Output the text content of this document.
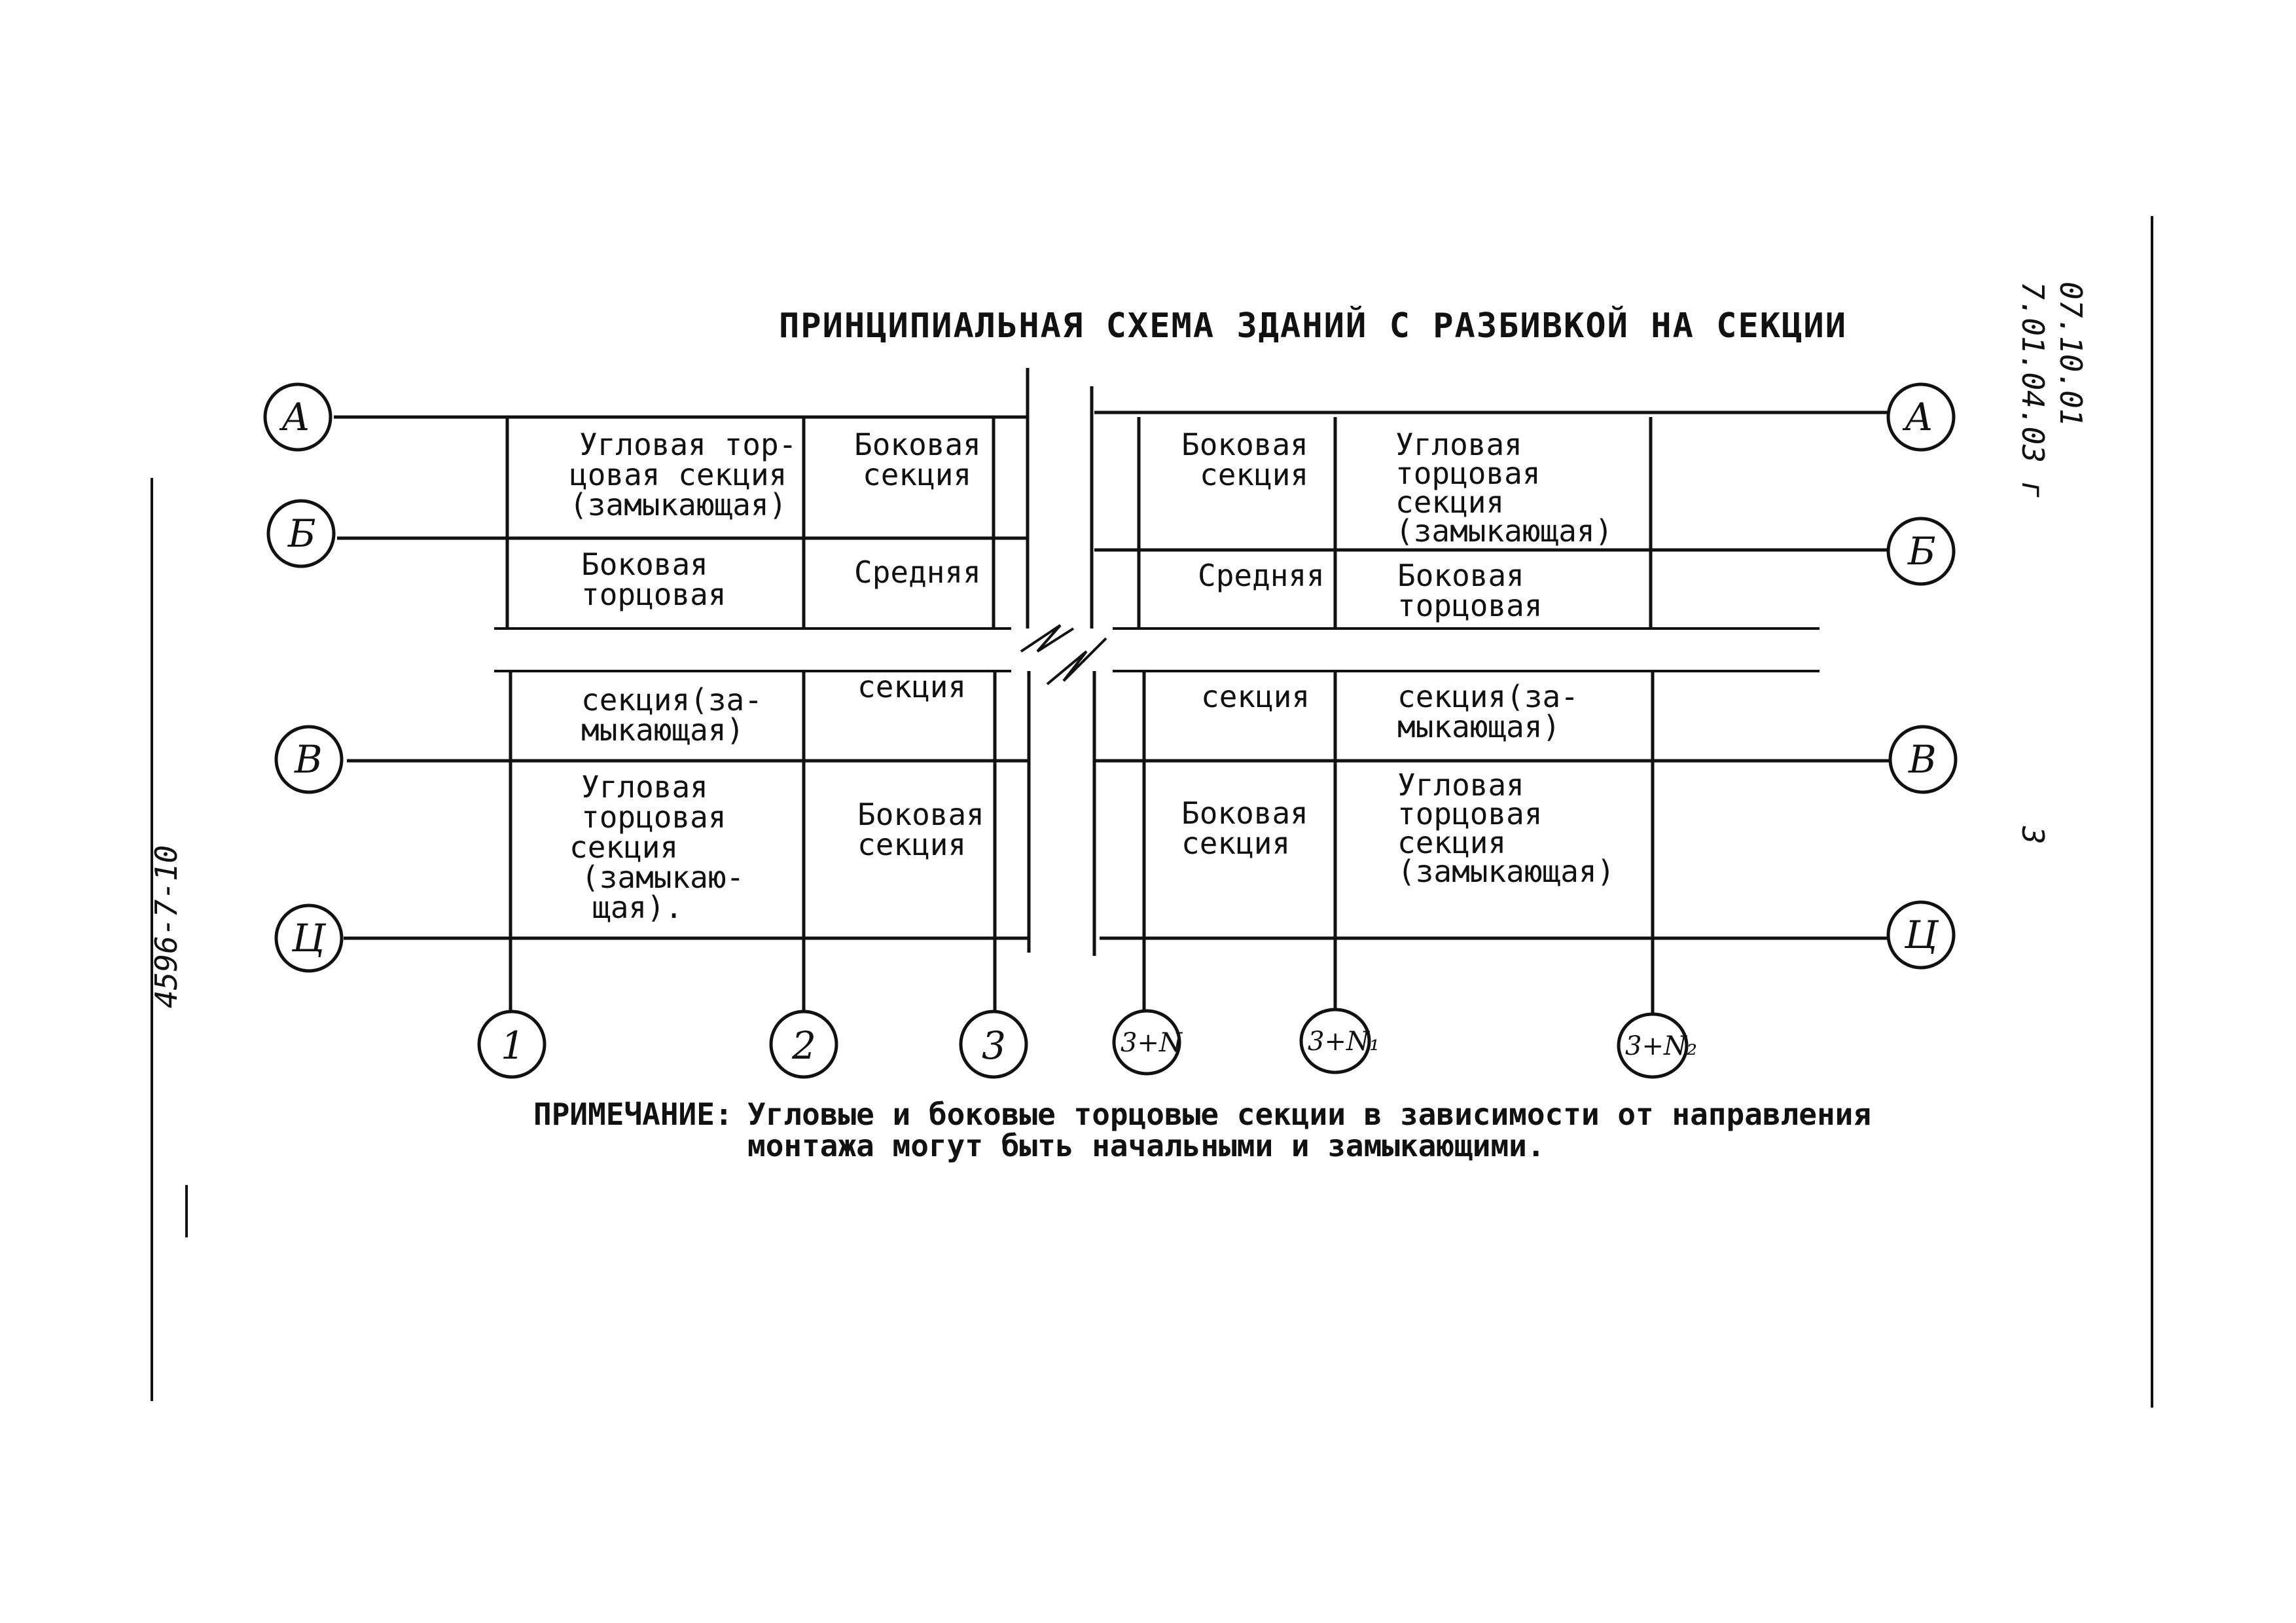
ПРИНЦИПИАЛЬНАЯ СХЕМА ЗДАНИЙ С РАЗБИВКОЙ НА СЕКЦИИ	07.10.01
7.01.04.03 г
3
4596-7-10
А
Б
В
Ц
А
Б
В
Ц
1	2	3	3+N	3+N₁	3+N₂
Угловая тор- цовая секция (замыкающая)
Боковая секция
Боковая торцовая
Средняя
секция(за- мыкающая)
секция
Угловая торцовая секция (замыкаю- щая).
Боковая секция
Боковая секция
Угловая торцовая секция (замыкающая)
Средняя Боковая торцовая
секция	секция(за- мыкающая)
Боковая секция
Угловая торцовая секция (замыкающая)
ПРИМЕЧАНИЕ: Угловые и боковые торцовые секции в зависимости от направления
монтажа могут быть начальными и замыкающими.
